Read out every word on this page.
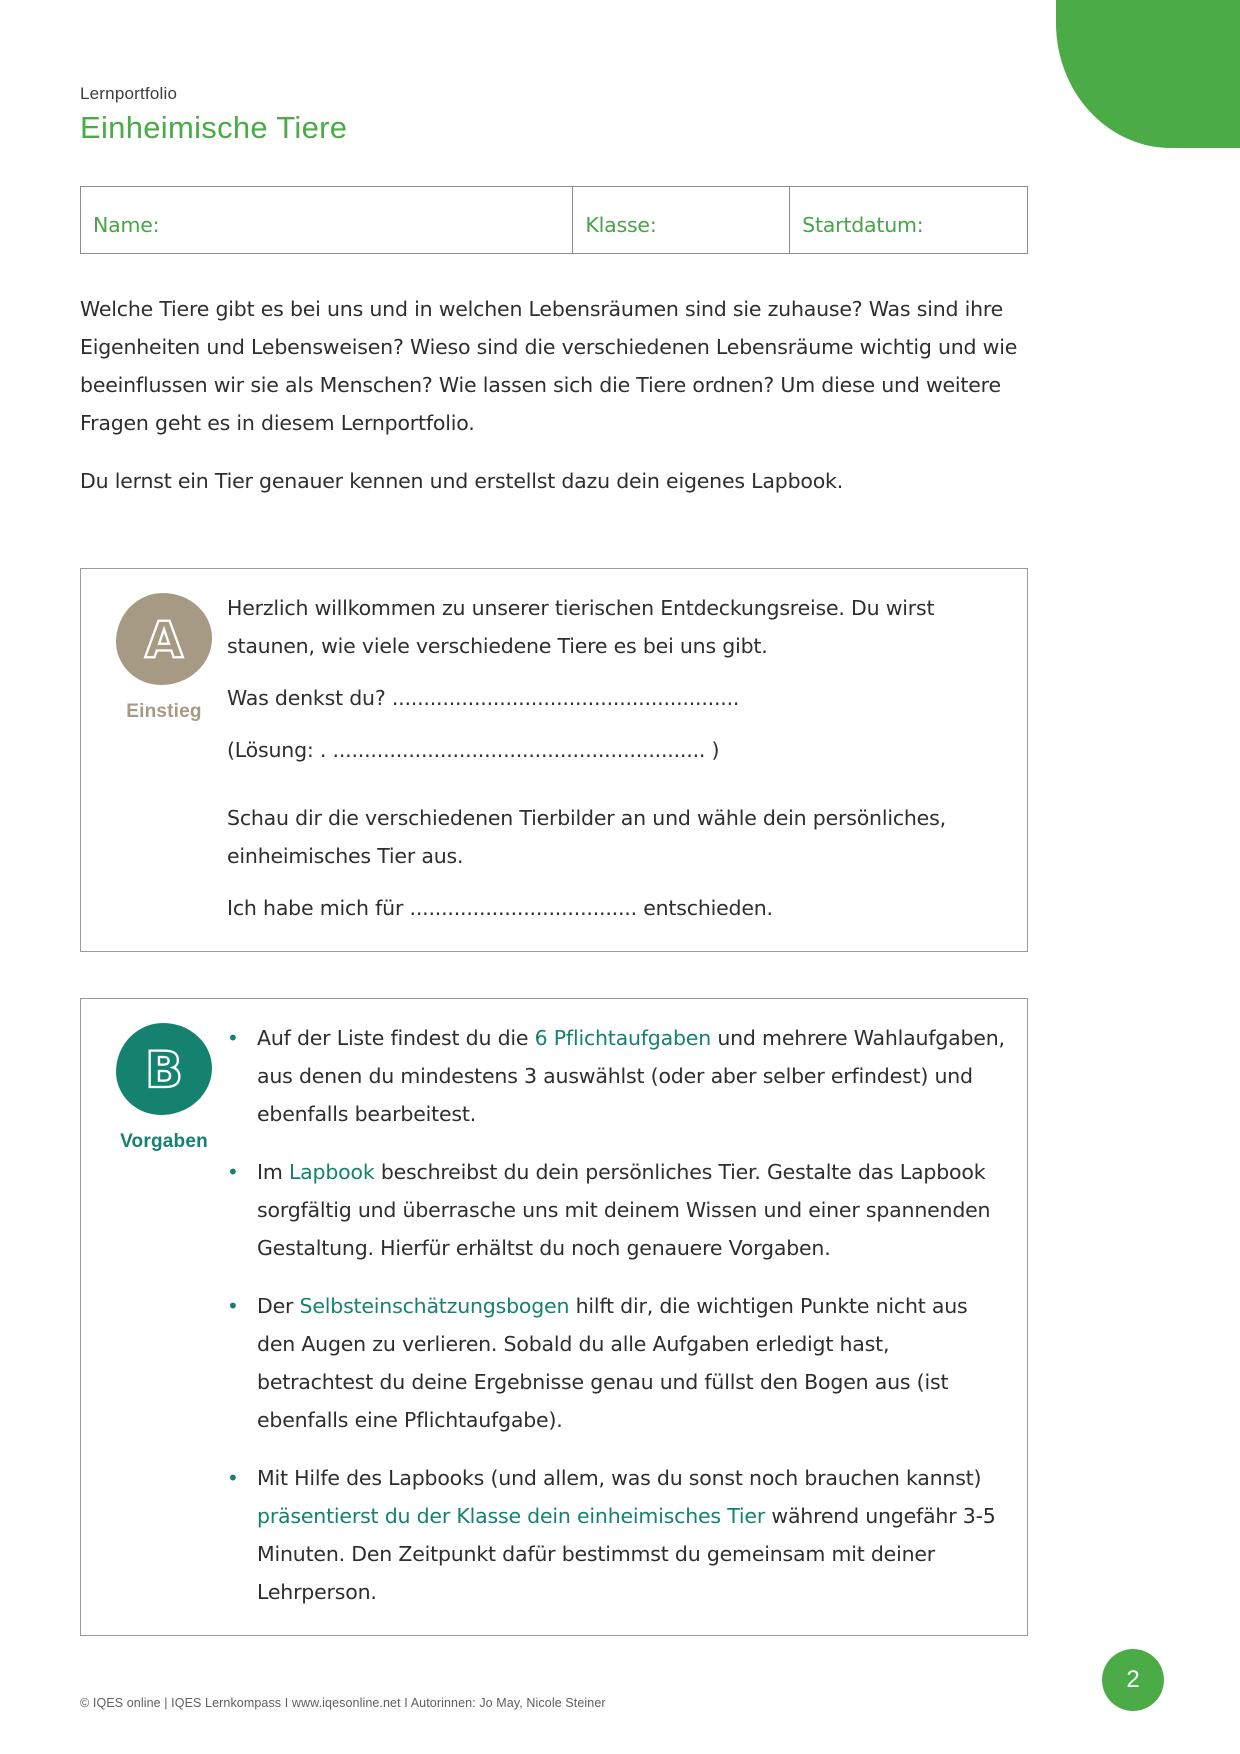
Lernportfolio
Einheimische Tiere
Name:	Klasse:	Startdatum:

Welche Tiere gibt es bei uns und in welchen Lebensräumen sind sie zuhause? Was sind ihre Eigenheiten und Lebensweisen? Wieso sind die verschiedenen Lebensräume wichtig und wie beeinflussen wir sie als Menschen? Wie lassen sich die Tiere ordnen? Um diese und weitere Fragen geht es in diesem Lernportfolio.

Du lernst ein Tier genauer kennen und erstellst dazu dein eigenes Lapbook.

A
Einstieg

Herzlich willkommen zu unserer tierischen Entdeckungsreise. Du wirst staunen, wie viele verschiedene Tiere es bei uns gibt.

Was denkst du? .......................................................

(Lösung: . ........................................................... )

Schau dir die verschiedenen Tierbilder an und wähle dein persönliches, einheimisches Tier aus.

Ich habe mich für .................................... entschieden.

B
Vorgaben
• Auf der Liste findest du die 6 Pflichtaufgaben und mehrere Wahlaufgaben, aus denen du mindestens 3 auswählst (oder aber selber erfindest) und ebenfalls bearbeitest.
• Im Lapbook beschreibst du dein persönliches Tier. Gestalte das Lapbook sorgfältig und überrasche uns mit deinem Wissen und einer spannenden Gestaltung. Hierfür erhältst du noch genauere Vorgaben.
• Der Selbsteinschätzungsbogen hilft dir, die wichtigen Punkte nicht aus den Augen zu verlieren. Sobald du alle Aufgaben erledigt hast, betrachtest du deine Ergebnisse genau und füllst den Bogen aus (ist ebenfalls eine Pflichtaufgabe).
• Mit Hilfe des Lapbooks (und allem, was du sonst noch brauchen kannst) präsentierst du der Klasse dein einheimisches Tier während ungefähr 3-5 Minuten. Den Zeitpunkt dafür bestimmst du gemeinsam mit deiner Lehrperson.
© IQES online | IQES Lernkompass I www.iqesonline.net I Autorinnen: Jo May, Nicole Steiner
2
